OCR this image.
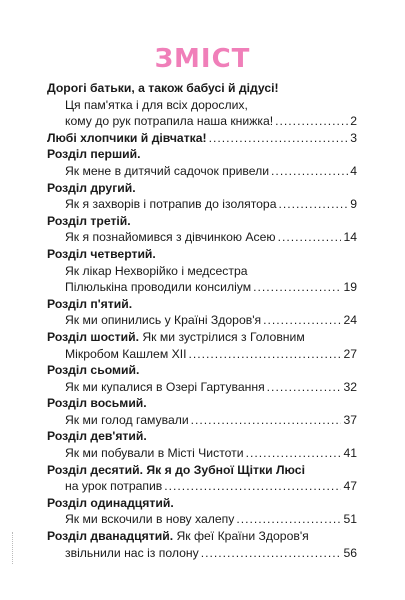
ЗМІСТ
Дорогі батьки, а також бабусі й дідусі!
Ця пам'ятка і для всіх дорослих,
кому до рук потрапила наша книжка! .....	2
Любі хлопчики й дівчатка! .....	3
Розділ перший.
Як мене в дитячий садочок привели .....	4
Розділ другий.
Як я захворів і потрапив до ізолятора .....	9
Розділ третій.
Як я познайомився з дівчинкою Асею .....	14
Розділ четвертий.
Як лікар Нехворійко і медсестра
Пілюлькіна проводили консиліум .....	19
Розділ п'ятий.
Як ми опинились у Країні Здоров'я .....	24
Розділ шостий. Як ми зустрілися з Головним
Мікробом Кашлем XII .....	27
Розділ сьомий.
Як ми купалися в Озері Гартування .....	32
Розділ восьмий.
Як ми голод гамували .....	37
Розділ дев'ятий.
Як ми побували в Місті Чистоти .....	41
Розділ десятий. Як я до Зубної Щітки Люсі
на урок потрапив .....	47
Розділ одинадцятий.
Як ми вскочили в нову халепу .....	51
Розділ дванадцятий. Як феї Країни Здоров'я
звільнили нас із полону .....	56
